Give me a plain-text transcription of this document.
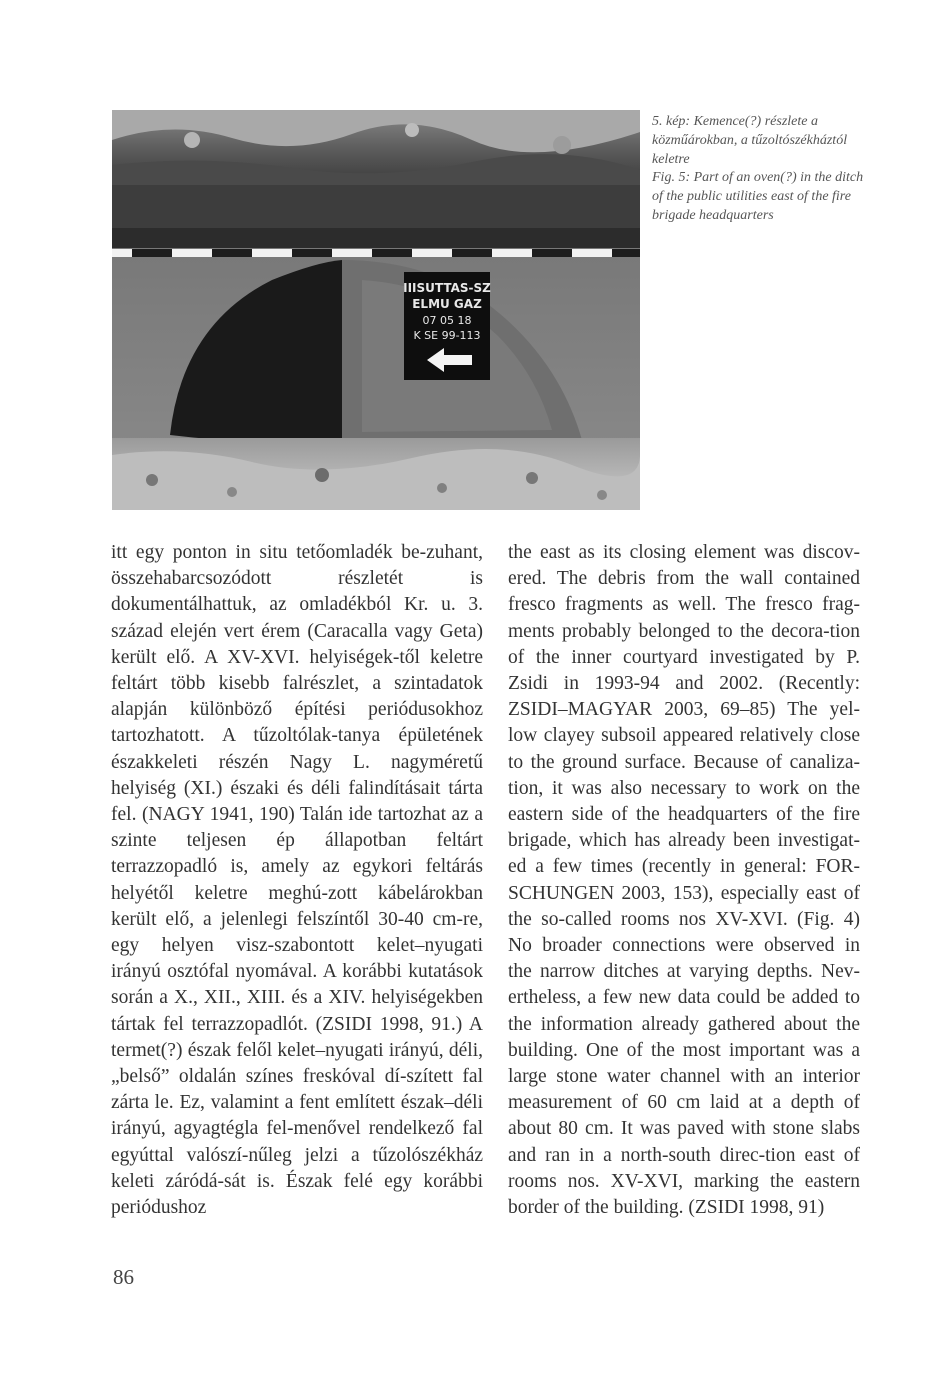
IIISUTTAS-SZ
ELMU GAZ
07 05 18
K SE 99-113

5. kép: Kemence(?) részlete a közműárokban, a tűzoltószékháztól keletre

Fig. 5: Part of an oven(?) in the ditch of the public utilities east of the fire brigade headquarters

itt egy ponton in situ tetőomladék be-zuhant, összehabarcsozódott részletét is dokumentálhattuk, az omladékból Kr. u. 3. század elején vert érem (Caracalla vagy Geta) került elő. A XV-XVI. helyiségek-től keletre feltárt több kisebb falrészlet, a szintadatok alapján különböző építési periódusokhoz tartozhatott. A tűzoltólak-tanya épületének északkeleti részén Nagy L. nagyméretű helyiség (XI.) északi és déli falindításait tárta fel. (NAGY 1941, 190) Talán ide tartozhat az a szinte teljesen ép állapotban feltárt terrazzopadló is, amely az egykori feltárás helyétől keletre meghú-zott kábelárokban került elő, a jelenlegi felszíntől 30-40 cm-re, egy helyen visz-szabontott kelet–nyugati irányú osztófal nyomával. A korábbi kutatások során a X., XII., XIII. és a XIV. helyiségekben tártak fel terrazzopadlót. (ZSIDI 1998, 91.) A termet(?) észak felől kelet–nyugati irányú, déli, „belső” oldalán színes freskóval dí-szített fal zárta le. Ez, valamint a fent említett észak–déli irányú, agyagtégla fel-menővel rendelkező fal egyúttal valószí-nűleg jelzi a tűzolószékház keleti záródá-sát is. Észak felé egy korábbi periódushoz

the east as its closing element was discov-ered. The debris from the wall contained fresco fragments as well. The fresco frag-ments probably belonged to the decora-tion of the inner courtyard investigated by P. Zsidi in 1993-94 and 2002. (Recently: ZSIDI–MAGYAR 2003, 69–85) The yel-low clayey subsoil appeared relatively close to the ground surface. Because of canaliza-tion, it was also necessary to work on the eastern side of the headquarters of the fire brigade, which has already been investigat-ed a few times (recently in general: FOR-SCHUNGEN 2003, 153), especially east of the so-called rooms nos XV-XVI. (Fig. 4) No broader connections were observed in the narrow ditches at varying depths. Nev-ertheless, a few new data could be added to the information already gathered about the building. One of the most important was a large stone water channel with an interior measurement of 60 cm laid at a depth of about 80 cm. It was paved with stone slabs and ran in a north-south direc-tion east of rooms nos. XV-XVI, marking the eastern border of the building. (ZSIDI 1998, 91)

86
